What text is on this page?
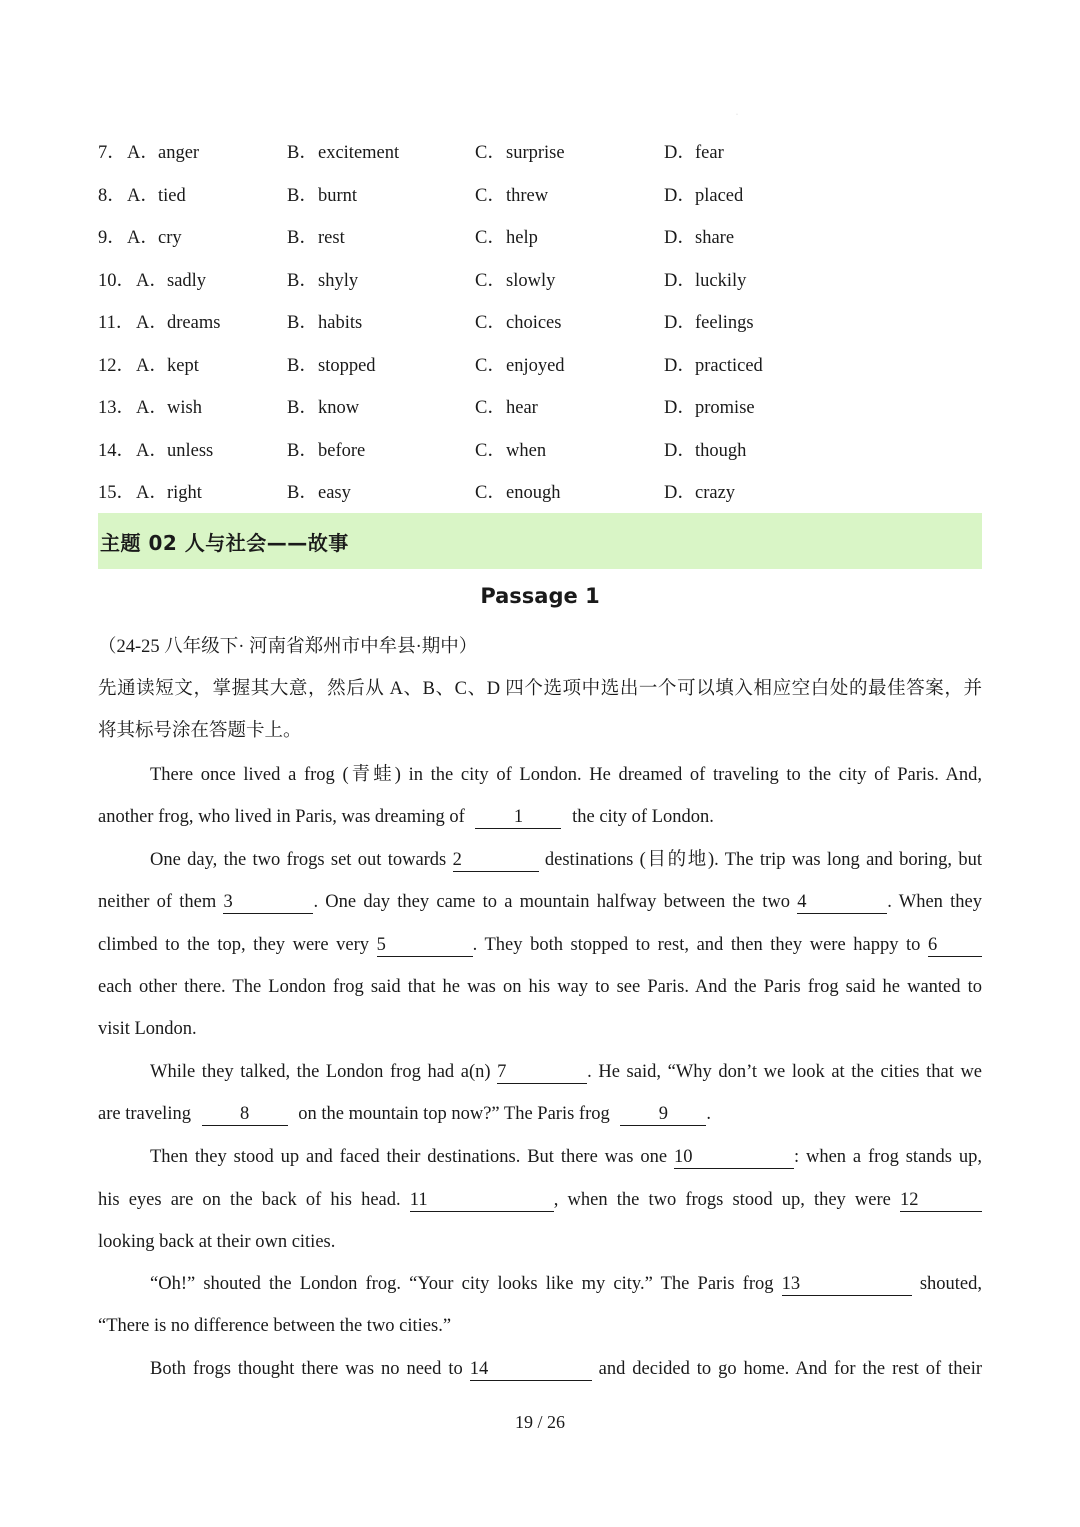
·
7． A． anger	B． excitement	C． surprise	D． fear
8． A． tied	B． burnt	C． threw	D． placed
9． A． cry	B． rest	C． help	D． share
10． A． sadly	B． shyly	C． slowly	D． luckily
11． A． dreams	B． habits	C． choices	D． feelings
12． A． kept	B． stopped	C． enjoyed	D． practiced
13． A． wish	B． know	C． hear	D． promise
14． A． unless	B． before	C． when	D． though
15． A． right	B． easy	C． enough	D． crazy
主题 02 人与社会——故事
Passage 1
（24-25 八年级下· 河南省郑州市中牟县·期中）
先通读短文，掌握其大意，然后从 A、B、C、D 四个选项中选出一个可以填入相应空白处的最佳答案，并
将其标号涂在答题卡上。
There once lived a frog (青蛙) in the city of London. He dreamed of traveling to the city of Paris. And,
another frog, who lived in Paris, was dreaming of	1	the city of London.
One day, the two frogs set out towards 2	destinations (目的地). The trip was long and boring, but
neither of them 3	. One day they came to a mountain halfway between the two 4	. When they
climbed to the top, they were very 5	. They both stopped to rest, and then they were happy to 6
each other there. The London frog said that he was on his way to see Paris. And the Paris frog said he wanted to
visit London.
While they talked, the London frog had a(n) 7	. He said, “Why don’t we look at the cities that we
are traveling	8	on the mountain top now?” The Paris frog	9 .
Then they stood up and faced their destinations. But there was one 10	: when a frog stands up,
his eyes are on the back of his head. 11	, when the two frogs stood up, they were 12
looking back at their own cities.
“Oh!” shouted the London frog. “Your city looks like my city.” The Paris frog 13	shouted,
“There is no difference between the two cities.”
Both frogs thought there was no need to 14	and decided to go home. And for the rest of their
19 / 26
